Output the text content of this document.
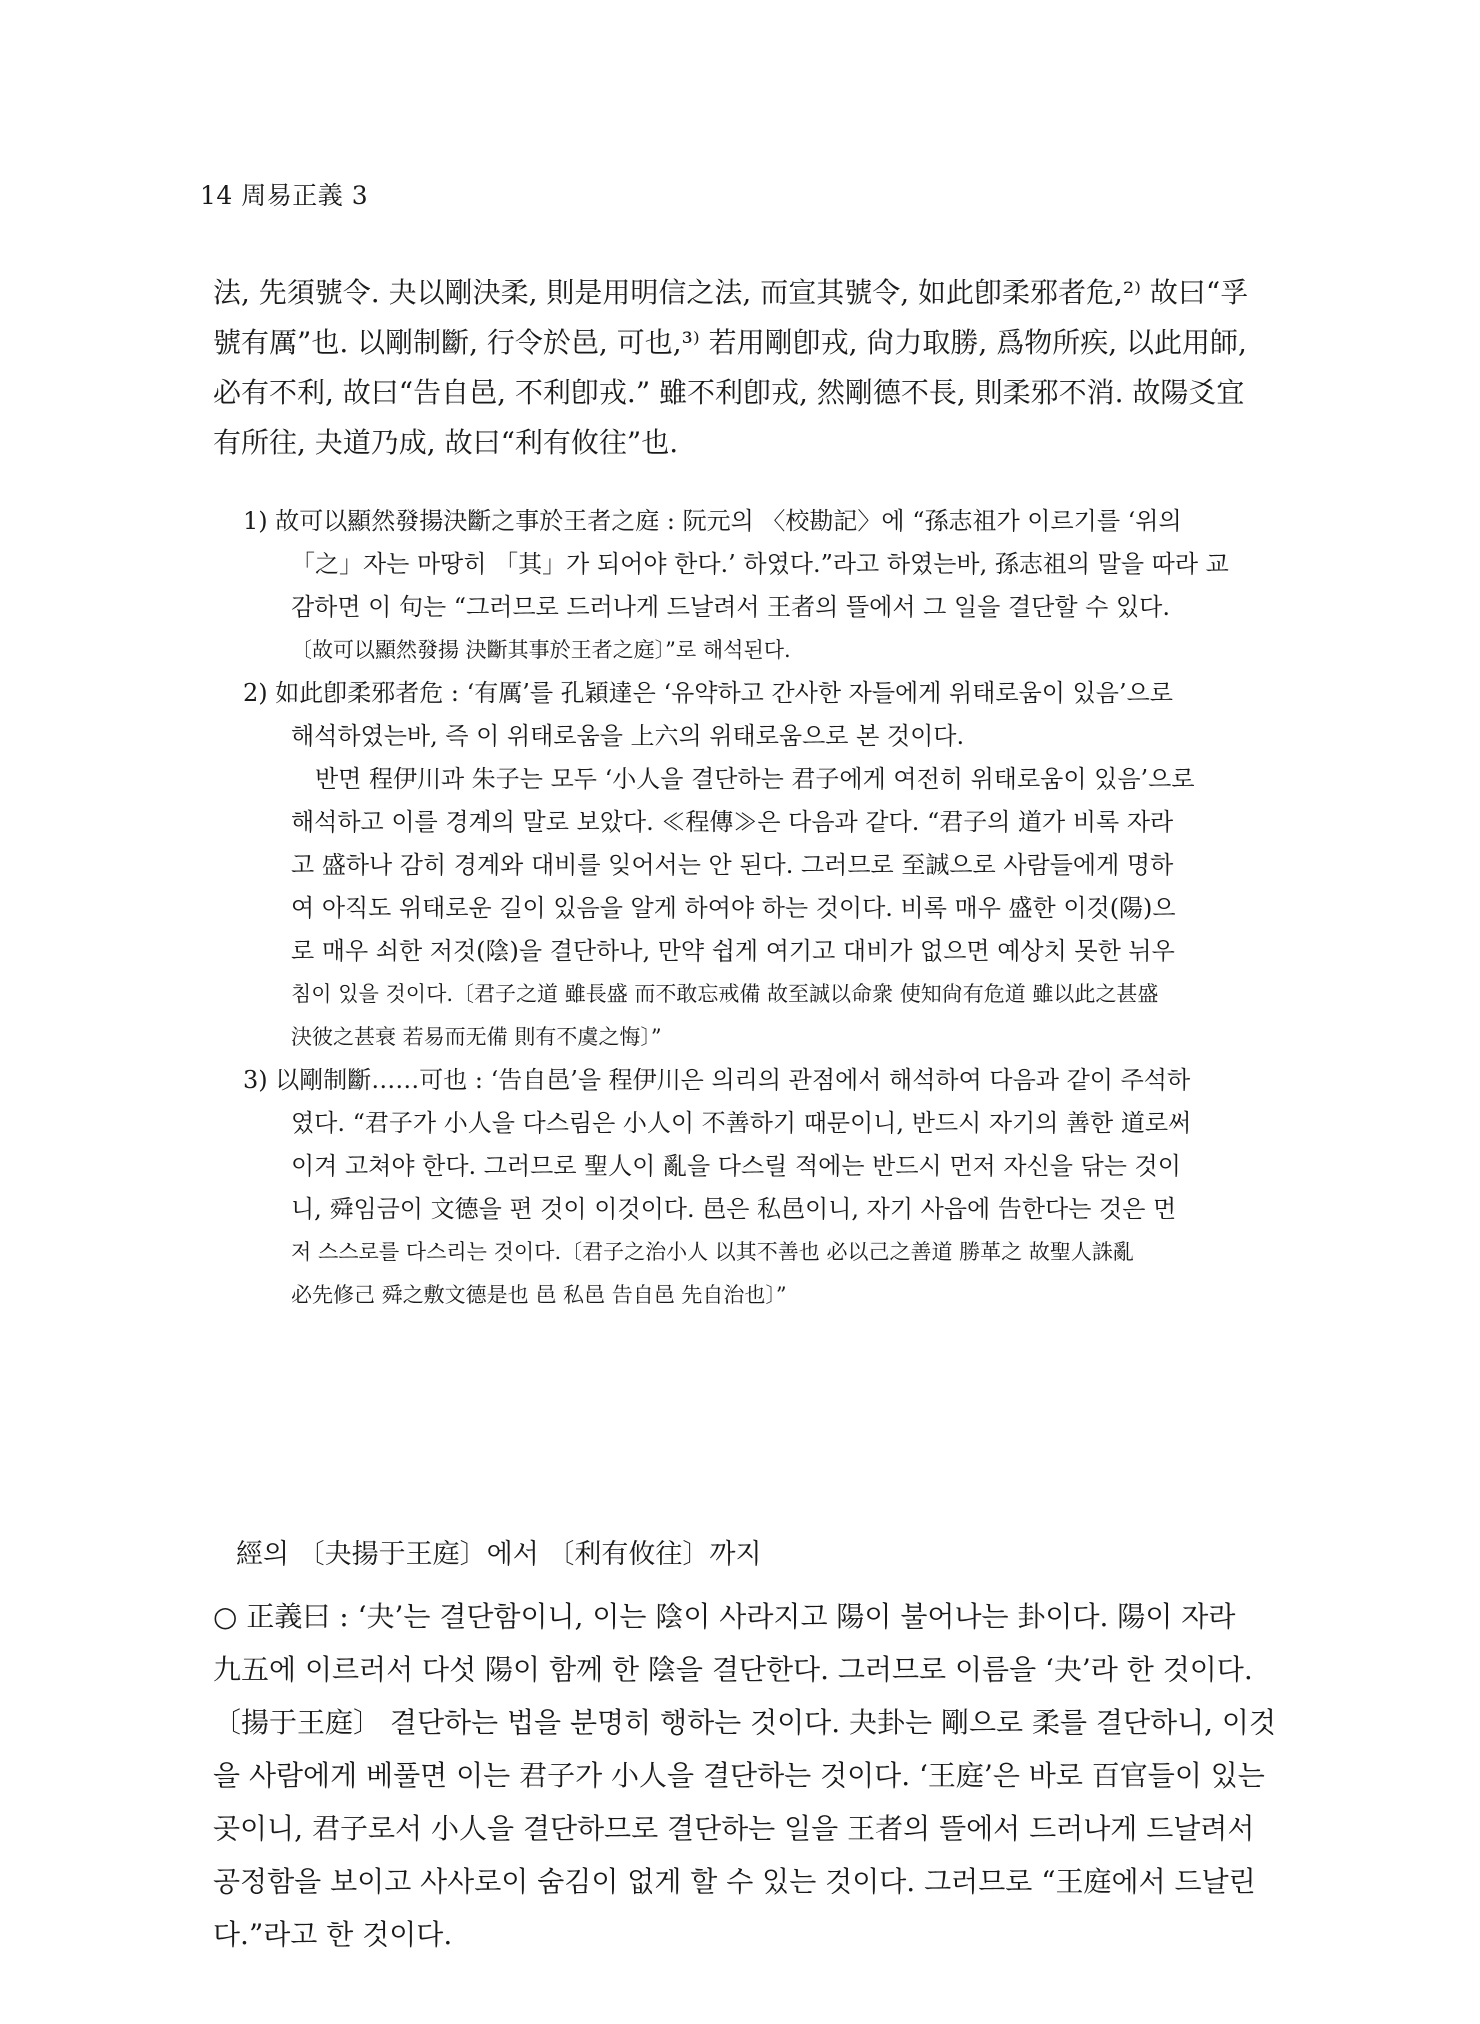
14 周易正義 3
法, 先須號令. 夬以剛決柔, 則是用明信之法, 而宣其號令, 如此卽柔邪者危,²⁾ 故曰“孚
號有厲”也. 以剛制斷, 行令於邑, 可也,³⁾ 若用剛卽戎, 尙力取勝, 爲物所疾, 以此用師,
必有不利, 故曰“告自邑, 不利卽戎.” 雖不利卽戎, 然剛德不長, 則柔邪不消. 故陽爻宜
有所往, 夬道乃成, 故曰“利有攸往”也.
1) 故可以顯然發揚決斷之事於王者之庭 : 阮元의 〈校勘記〉에 “孫志祖가 이르기를 ‘위의
「之」자는 마땅히 「其」가 되어야 한다.’ 하였다.”라고 하였는바, 孫志祖의 말을 따라 교
감하면 이 句는 “그러므로 드러나게 드날려서 王者의 뜰에서 그 일을 결단할 수 있다.
〔故可以顯然發揚 決斷其事於王者之庭〕”로 해석된다.
2) 如此卽柔邪者危 : ‘有厲’를 孔穎達은 ‘유약하고 간사한 자들에게 위태로움이 있음’으로
해석하였는바, 즉 이 위태로움을 上六의 위태로움으로 본 것이다.
반면 程伊川과 朱子는 모두 ‘小人을 결단하는 君子에게 여전히 위태로움이 있음’으로
해석하고 이를 경계의 말로 보았다. ≪程傳≫은 다음과 같다. “君子의 道가 비록 자라
고 盛하나 감히 경계와 대비를 잊어서는 안 된다. 그러므로 至誠으로 사람들에게 명하
여 아직도 위태로운 길이 있음을 알게 하여야 하는 것이다. 비록 매우 盛한 이것(陽)으
로 매우 쇠한 저것(陰)을 결단하나, 만약 쉽게 여기고 대비가 없으면 예상치 못한 뉘우
침이 있을 것이다.〔君子之道 雖長盛 而不敢忘戒備 故至誠以命衆 使知尙有危道 雖以此之甚盛
決彼之甚衰 若易而无備 則有不虞之悔〕”
3) 以剛制斷……可也 : ‘告自邑’을 程伊川은 의리의 관점에서 해석하여 다음과 같이 주석하
였다. “君子가 小人을 다스림은 小人이 不善하기 때문이니, 반드시 자기의 善한 道로써
이겨 고쳐야 한다. 그러므로 聖人이 亂을 다스릴 적에는 반드시 먼저 자신을 닦는 것이
니, 舜임금이 文德을 편 것이 이것이다. 邑은 私邑이니, 자기 사읍에 告한다는 것은 먼
저 스스로를 다스리는 것이다.〔君子之治小人 以其不善也 必以己之善道 勝革之 故聖人誅亂
必先修己 舜之敷文德是也 邑 私邑 告自邑 先自治也〕”
經의 〔夬揚于王庭〕에서 〔利有攸往〕까지
○ 正義曰 : ‘夬’는 결단함이니, 이는 陰이 사라지고 陽이 불어나는 卦이다. 陽이 자라
九五에 이르러서 다섯 陽이 함께 한 陰을 결단한다. 그러므로 이름을 ‘夬’라 한 것이다.
〔揚于王庭〕 결단하는 법을 분명히 행하는 것이다. 夬卦는 剛으로 柔를 결단하니, 이것
을 사람에게 베풀면 이는 君子가 小人을 결단하는 것이다. ‘王庭’은 바로 百官들이 있는
곳이니, 君子로서 小人을 결단하므로 결단하는 일을 王者의 뜰에서 드러나게 드날려서
공정함을 보이고 사사로이 숨김이 없게 할 수 있는 것이다. 그러므로 “王庭에서 드날린
다.”라고 한 것이다.
